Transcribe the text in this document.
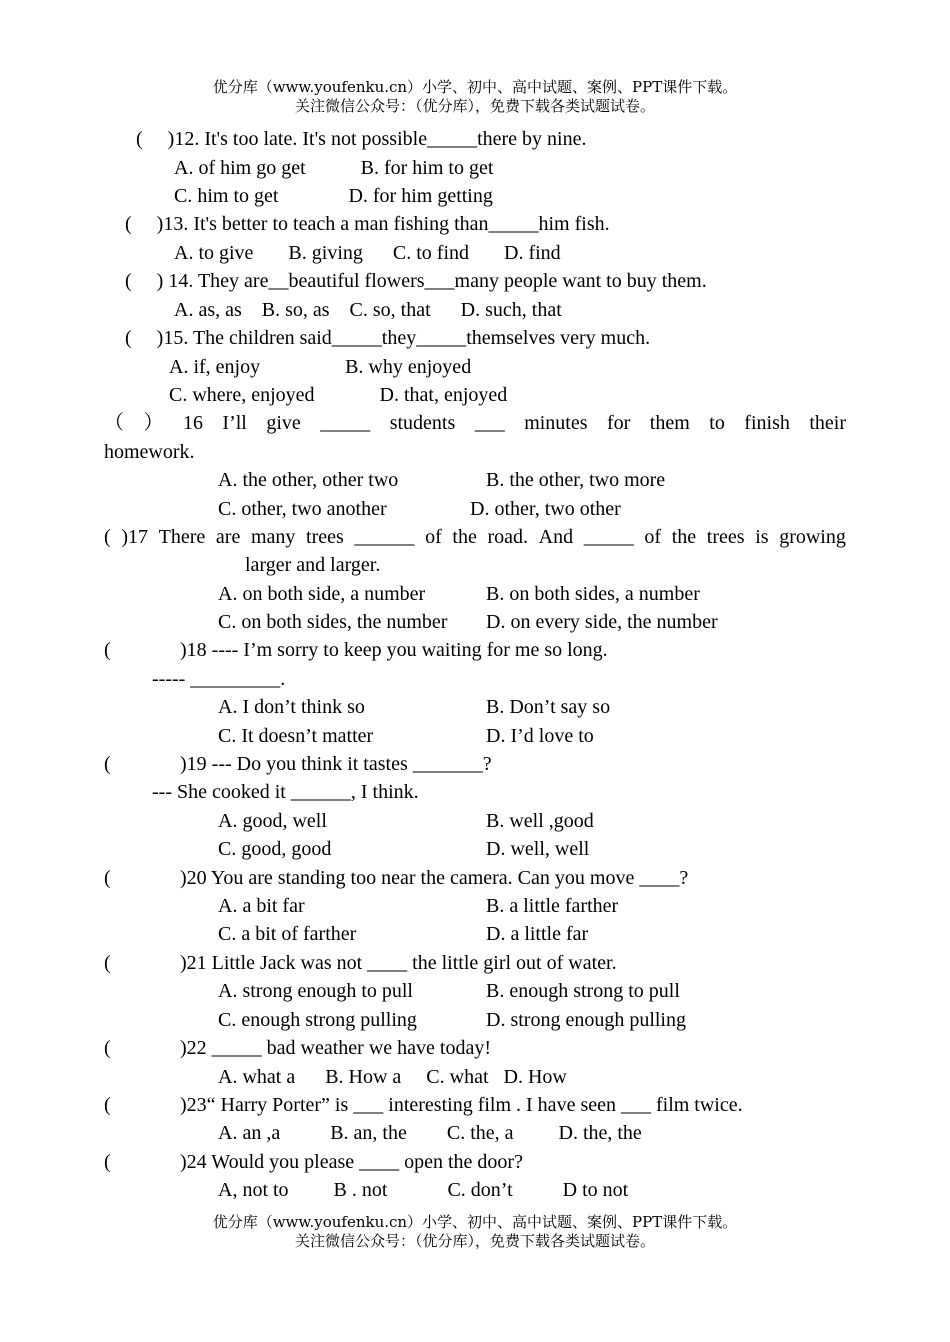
优分库（www.youfenku.cn）小学、初中、高中试题、案例、PPT课件下载。
关注微信公众号：（优分库），免费下载各类试题试卷。
(     )12. It's too late. It's not possible_____there by nine.
A. of him go get           B. for him to get
C. him to get              D. for him getting
(     )13. It's better to teach a man fishing than_____him fish.
A. to give       B. giving      C. to find       D. find
(     ) 14. They are__beautiful flowers___many people want to buy them.
A. as, as    B. so, as    C. so, that      D. such, that
(     )15. The children said_____they_____themselves very much.
A. if, enjoy                 B. why enjoyed
C. where, enjoyed             D. that, enjoyed
（ ） 16 I’ll give _____ students ___ minutes for them to finish their
homework.
A. the other, other two	B. the other, two more
C. other, two another	D. other, two other
( )17 There are many trees ______ of the road. And _____ of the trees is growing
larger and larger.
A. on both side, a number	B. on both sides, a number
C. on both sides, the number D. on every side, the number
(	)18 ---- I’m sorry to keep you waiting for me so long.
----- _________.
A. I don’t think so	B. Don’t say so
C. It doesn’t matter	D. I’d love to
(	)19 --- Do you think it tastes _______?
--- She cooked it ______, I think.
A. good, well	B. well ,good
C. good, good	D. well, well
(	)20 You are standing too near the camera. Can you move ____?
A. a bit far	B. a little farther
C. a bit of farther	D. a little far
(	)21 Little Jack was not ____ the little girl out of water.
A. strong enough to pull	B. enough strong to pull
C. enough strong pulling	D. strong enough pulling
(	)22 _____ bad weather we have today!
A. what a      B. How a     C. what   D. How
(	)23“ Harry Porter” is ___ interesting film . I have seen ___ film twice.
A. an ,a          B. an, the        C. the, a         D. the, the
(	)24 Would you please ____ open the door?
A, not to         B . not            C. don’t          D to not
优分库（www.youfenku.cn）小学、初中、高中试题、案例、PPT课件下载。
关注微信公众号：（优分库），免费下载各类试题试卷。
